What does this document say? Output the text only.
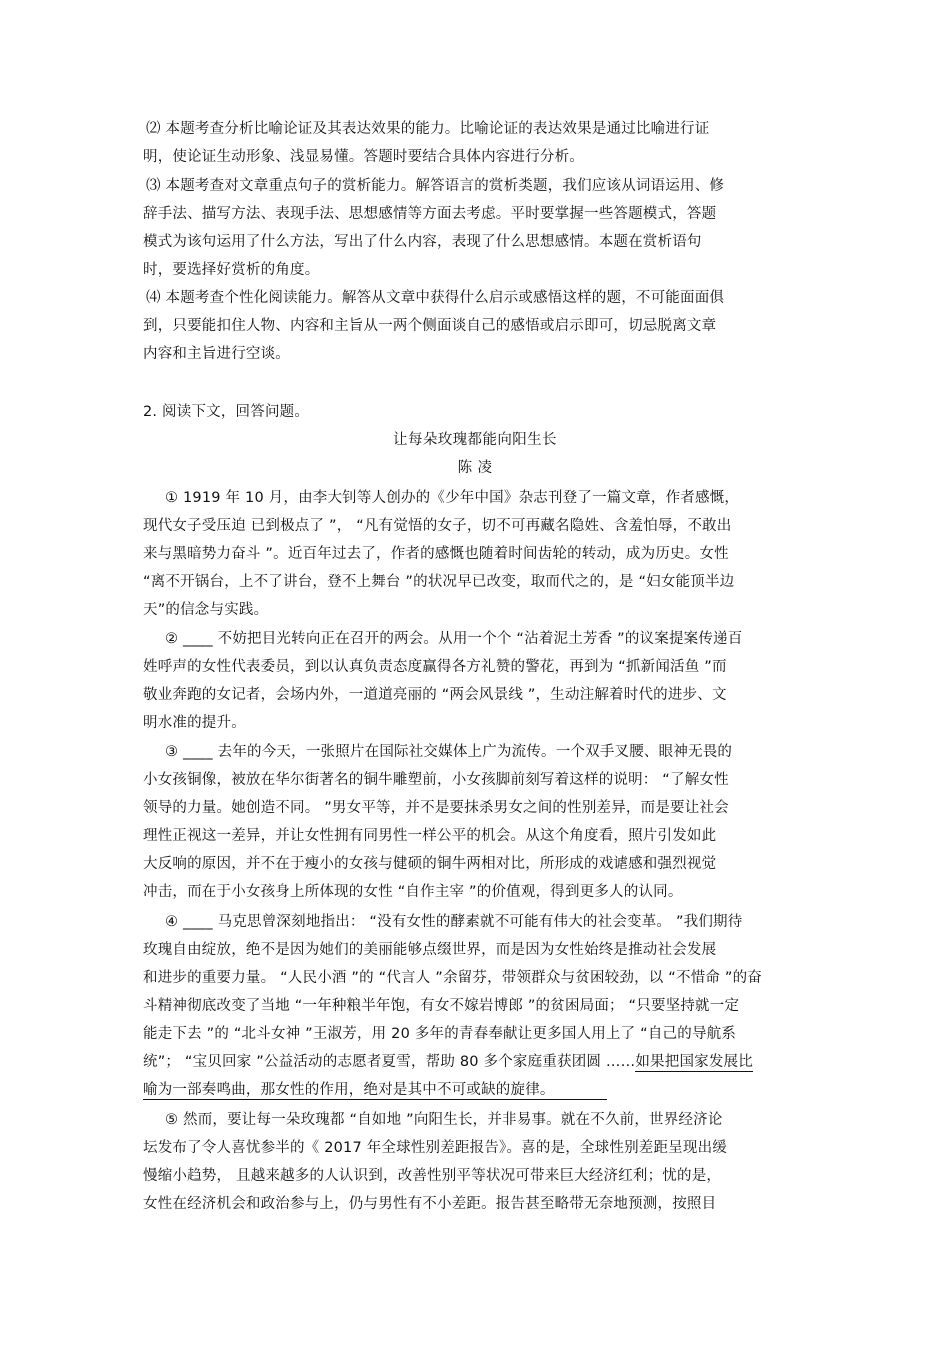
⑵ 本题考查分析比喻论证及其表达效果的能力。比喻论证的表达效果是通过比喻进行证
明，使论证生动形象、浅显易懂。答题时要结合具体内容进行分析。
⑶ 本题考查对文章重点句子的赏析能力。解答语言的赏析类题，我们应该从词语运用、修
辞手法、描写方法、表现手法、思想感情等方面去考虑。平时要掌握一些答题模式，答题
模式为该句运用了什么方法，写出了什么内容，表现了什么思想感情。本题在赏析语句
时，要选择好赏析的角度。
⑷ 本题考查个性化阅读能力。解答从文章中获得什么启示或感悟这样的题，不可能面面俱
到，只要能扣住人物、内容和主旨从一两个侧面谈自己的感悟或启示即可，切忌脱离文章
内容和主旨进行空谈。
2. 阅读下文，回答问题。
让每朵玫瑰都能向阳生长
陈 凌
① 1919 年 10 月，由李大钊等人创办的《少年中国》杂志刊登了一篇文章，作者感慨，
现代女子受压迫 已到极点了 ”， “凡有觉悟的女子，切不可再藏名隐姓、含羞怕辱，不敢出
来与黑暗势力奋斗 ”。近百年过去了，作者的感慨也随着时间齿轮的转动，成为历史。女性
“离不开锅台，上不了讲台，登不上舞台 ”的状况早已改变，取而代之的，是 “妇女能顶半边
天”的信念与实践。
② ____ 不妨把目光转向正在召开的两会。从用一个个 “沾着泥土芳香 ”的议案提案传递百
姓呼声的女性代表委员，到以认真负责态度赢得各方礼赞的警花，再到为 “抓新闻活鱼 ”而
敬业奔跑的女记者，会场内外，一道道亮丽的 “两会风景线 ”，生动注解着时代的进步、文
明水准的提升。
③ ____ 去年的今天，一张照片在国际社交媒体上广为流传。一个双手叉腰、眼神无畏的
小女孩铜像，被放在华尔街著名的铜牛雕塑前，小女孩脚前刻写着这样的说明： “了解女性
领导的力量。她创造不同。 ”男女平等，并不是要抹杀男女之间的性别差异，而是要让社会
理性正视这一差异，并让女性拥有同男性一样公平的机会。从这个角度看，照片引发如此
大反响的原因，并不在于瘦小的女孩与健硕的铜牛两相对比，所形成的戏谑感和强烈视觉
冲击，而在于小女孩身上所体现的女性 “自作主宰 ”的价值观，得到更多人的认同。
④ ____ 马克思曾深刻地指出： “没有女性的酵素就不可能有伟大的社会变革。 ”我们期待
玫瑰自由绽放，绝不是因为她们的美丽能够点缀世界，而是因为女性始终是推动社会发展
和进步的重要力量。 “人民小酒 ”的 “代言人 ”余留芬，带领群众与贫困较劲，以 “不惜命 ”的奋
斗精神彻底改变了当地 “一年种粮半年饱，有女不嫁岩博郎 ”的贫困局面； “只要坚持就一定
能走下去 ”的 “北斗女神 ”王淑芳，用 20 多年的青春奉献让更多国人用上了 “自己的导航系
统”； “宝贝回家 ”公益活动的志愿者夏雪，帮助 80 多个家庭重获团圆 ……如果把国家发展比
喻为一部奏鸣曲，那女性的作用，绝对是其中不可或缺的旋律。
⑤ 然而，要让每一朵玫瑰都 “自如地 ”向阳生长，并非易事。就在不久前，世界经济论
坛发布了令人喜忧参半的《 2017 年全球性别差距报告》。喜的是，全球性别差距呈现出缓
慢缩小趋势， 且越来越多的人认识到，改善性别平等状况可带来巨大经济红利；忧的是，
女性在经济机会和政治参与上，仍与男性有不小差距。报告甚至略带无奈地预测，按照目
